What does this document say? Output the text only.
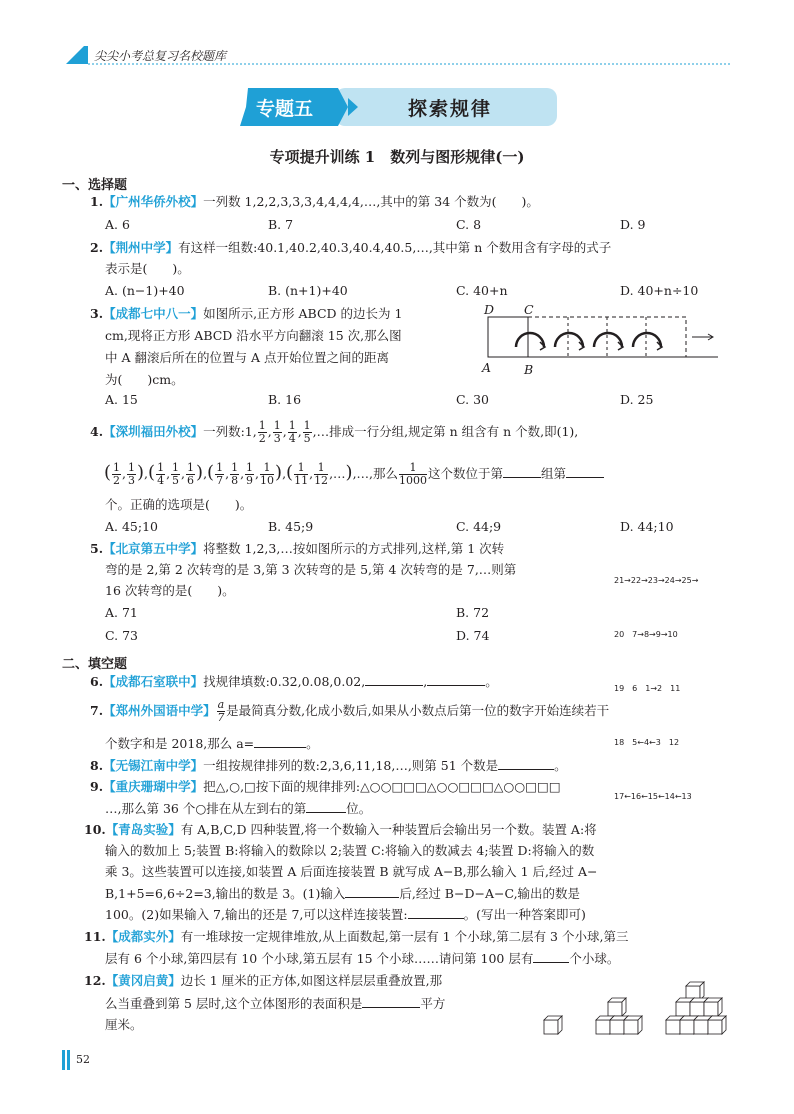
尖尖小考总复习名校题库
专题五	探索规律
专项提升训练 1　数列与图形规律(一)
一、选择题
1.【广州华侨外校】一列数 1,2,2,3,3,3,4,4,4,4,…,其中的第 34 个数为(　　)。
A. 6	B. 7	C. 8	D. 9
2.【荆州中学】有这样一组数:40.1,40.2,40.3,40.4,40.5,…,其中第 n 个数用含有字母的式子
表示是(　　)。
A. (n−1)+40	B. (n+1)+40	C. 40+n	D. 40+n÷10
3.【成都七中八一】如图所示,正方形 ABCD 的边长为 1
cm,现将正方形 ABCD 沿水平方向翻滚 15 次,那么图
中 A 翻滚后所在的位置与 A 点开始位置之间的距离
为(　　)cm。
D C
A	B
A. 15	B. 16	C. 30	D. 25
4.【深圳福田外校】一列数:1, $\frac{1}{2}$ , $\frac{1}{3}$ , $\frac{1}{4}$ , $\frac{1}{5}$ ,…排成一行分组,规定第 n 组含有 n 个数,即(1),
( $\frac{1}{2}$ , $\frac{1}{3}$ ),( $\frac{1}{4}$ , $\frac{1}{5}$ , $\frac{1}{6}$ ),( $\frac{1}{7}$ , $\frac{1}{8}$ , $\frac{1}{9}$ , $\frac{1}{10}$ ),( $\frac{1}{11}$ , $\frac{1}{12}$ ,…),…,那么 $\frac{1}{1000}$ 这个数位于第	组第
个。正确的选项是(　　)。
A. 45;10	B. 45;9	C. 44;9	D. 44;10
5.【北京第五中学】将整数 1,2,3,…按如图所示的方式排列,这样,第 1 次转
弯的是 2,第 2 次转弯的是 3,第 3 次转弯的是 5,第 4 次转弯的是 7,…则第
16 次转弯的是(　　)。
A. 71	B. 72
C. 73	D. 74

21→22→23→24→25→

20　7→8→9→10

19　6　1→2　11

18　5←4←3　12

17←16←15←14←13

二、填空题
6.【成都石室联中】找规律填数:0.32,0.08,0.02,	,	。
7.【郑州外国语中学】 $\frac{a}{7}$ 是最简真分数,化成小数后,如果从小数点后第一位的数字开始连续若干
个数字和是 2018,那么 a=	。
8.【无锡江南中学】一组按规律排列的数:2,3,6,11,18,…,则第 51 个数是	。
9.【重庆珊瑚中学】把△,○,□按下面的规律排列:△○○□□□△○○□□□△○○□□□
…,那么第 36 个○排在从左到右的第	位。
10.【青岛实验】有 A,B,C,D 四种装置,将一个数输入一种装置后会输出另一个数。装置 A:将
输入的数加上 5;装置 B:将输入的数除以 2;装置 C:将输入的数减去 4;装置 D:将输入的数
乘 3。这些装置可以连接,如装置 A 后面连接装置 B 就写成 A−B,那么输入 1 后,经过 A−
B,1+5=6,6÷2=3,输出的数是 3。(1)输入	后,经过 B−D−A−C,输出的数是
100。(2)如果输入 7,输出的还是 7,可以这样连接装置:	。(写出一种答案即可)
11.【成都实外】有一堆球按一定规律堆放,从上面数起,第一层有 1 个小球,第二层有 3 个小球,第三
层有 6 个小球,第四层有 10 个小球,第五层有 15 个小球……请问第 100 层有	个小球。
12.【黄冈启黄】边长 1 厘米的正方体,如图这样层层重叠放置,那
么当重叠到第 5 层时,这个立体图形的表面积是	平方
厘米。
52
